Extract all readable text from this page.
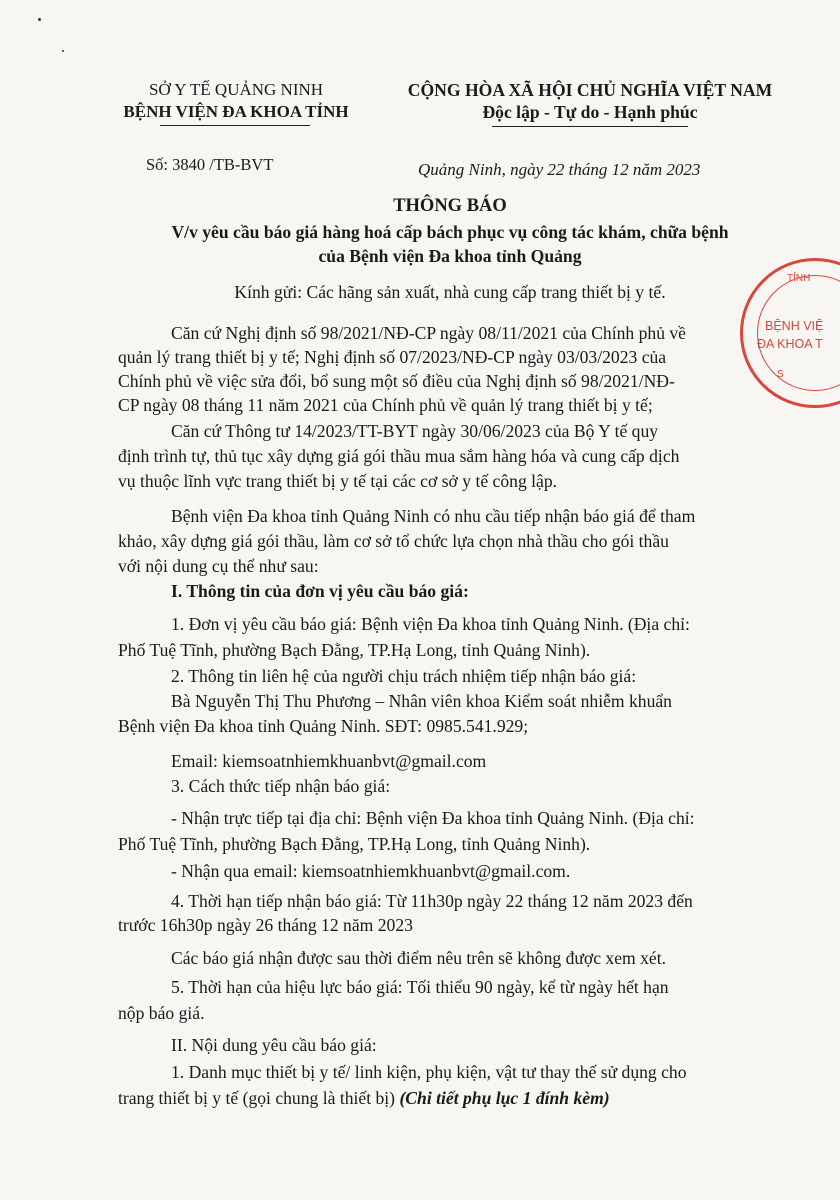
SỞ Y TẾ QUẢNG NINH
BỆNH VIỆN ĐA KHOA TỈNH
CỘNG HÒA XÃ HỘI CHỦ NGHĨA VIỆT NAM
Độc lập - Tự do - Hạnh phúc
Số: 3840 /TB-BVT	Quảng Ninh, ngày 22 tháng 12 năm 2023
THÔNG BÁO
V/v yêu cầu báo giá hàng hoá cấp bách phục vụ công tác khám, chữa bệnh
của Bệnh viện Đa khoa tỉnh Quảng
Kính gửi: Các hãng sản xuất, nhà cung cấp trang thiết bị y tế.
TỈNH
BỆNH VIỆ
ĐA KHOA T
S
Căn cứ Nghị định số 98/2021/NĐ-CP ngày 08/11/2021 của Chính phủ về
quản lý trang thiết bị y tế; Nghị định số 07/2023/NĐ-CP ngày 03/03/2023 của
Chính phủ về việc sửa đổi, bổ sung một số điều của Nghị định số 98/2021/NĐ-
CP ngày 08 tháng 11 năm 2021 của Chính phủ về quản lý trang thiết bị y tế;
Căn cứ Thông tư 14/2023/TT-BYT ngày 30/06/2023 của Bộ Y tế quy
định trình tự, thủ tục xây dựng giá gói thầu mua sắm hàng hóa và cung cấp dịch
vụ thuộc lĩnh vực trang thiết bị y tế tại các cơ sở y tế công lập.
Bệnh viện Đa khoa tỉnh Quảng Ninh có nhu cầu tiếp nhận báo giá để tham
khảo, xây dựng giá gói thầu, làm cơ sở tổ chức lựa chọn nhà thầu cho gói thầu
với nội dung cụ thể như sau:
I. Thông tin của đơn vị yêu cầu báo giá:
1. Đơn vị yêu cầu báo giá: Bệnh viện Đa khoa tỉnh Quảng Ninh. (Địa chỉ:
Phố Tuệ Tĩnh, phường Bạch Đằng, TP.Hạ Long, tỉnh Quảng Ninh).
2. Thông tin liên hệ của người chịu trách nhiệm tiếp nhận báo giá:
Bà Nguyễn Thị Thu Phương – Nhân viên khoa Kiểm soát nhiễm khuẩn
Bệnh viện Đa khoa tỉnh Quảng Ninh. SĐT: 0985.541.929;
Email: kiemsoatnhiemkhuanbvt@gmail.com
3. Cách thức tiếp nhận báo giá:
- Nhận trực tiếp tại địa chỉ: Bệnh viện Đa khoa tỉnh Quảng Ninh. (Địa chỉ:
Phố Tuệ Tĩnh, phường Bạch Đằng, TP.Hạ Long, tỉnh Quảng Ninh).
- Nhận qua email: kiemsoatnhiemkhuanbvt@gmail.com.
4. Thời hạn tiếp nhận báo giá: Từ 11h30p ngày 22 tháng 12 năm 2023 đến
trước 16h30p ngày 26 tháng 12 năm 2023
Các báo giá nhận được sau thời điểm nêu trên sẽ không được xem xét.
5. Thời hạn của hiệu lực báo giá: Tối thiểu 90 ngày, kể từ ngày hết hạn
nộp báo giá.
II. Nội dung yêu cầu báo giá:
1. Danh mục thiết bị y tế/ linh kiện, phụ kiện, vật tư thay thế sử dụng cho
trang thiết bị y tế (gọi chung là thiết bị) (Chi tiết phụ lục 1 đính kèm)
